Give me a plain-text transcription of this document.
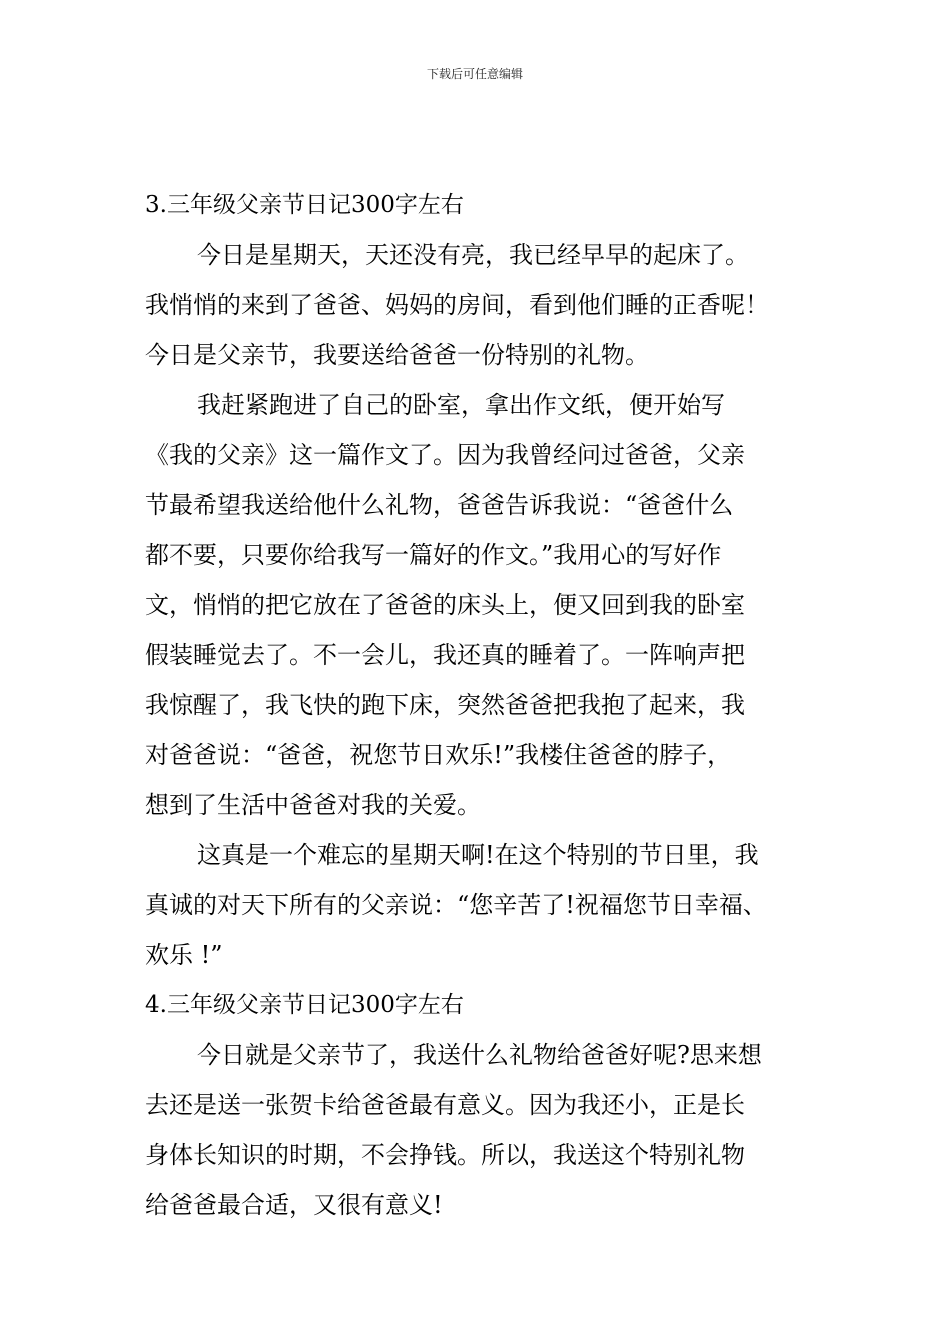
下载后可任意编辑
3.三年级父亲节日记300字左右
今日是星期天，天还没有亮，我已经早早的起床了。
我悄悄的来到了爸爸、妈妈的房间，看到他们睡的正香呢！
今日是父亲节，我要送给爸爸一份特别的礼物。
我赶紧跑进了自己的卧室，拿出作文纸，便开始写
《我的父亲》这一篇作文了。因为我曾经问过爸爸，父亲
节最希望我送给他什么礼物，爸爸告诉我说：“爸爸什么
都不要，只要你给我写一篇好的作文。”我用心的写好作
文，悄悄的把它放在了爸爸的床头上，便又回到我的卧室
假装睡觉去了。不一会儿，我还真的睡着了。一阵响声把
我惊醒了，我飞快的跑下床，突然爸爸把我抱了起来，我
对爸爸说：“爸爸，祝您节日欢乐!”我楼住爸爸的脖子，
想到了生活中爸爸对我的关爱。
这真是一个难忘的星期天啊!在这个特别的节日里，我
真诚的对天下所有的父亲说：“您辛苦了!祝福您节日幸福、
欢乐 !”
4.三年级父亲节日记300字左右
今日就是父亲节了，我送什么礼物给爸爸好呢?思来想
去还是送一张贺卡给爸爸最有意义。因为我还小，正是长
身体长知识的时期，不会挣钱。所以，我送这个特别礼物
给爸爸最合适，又很有意义!
